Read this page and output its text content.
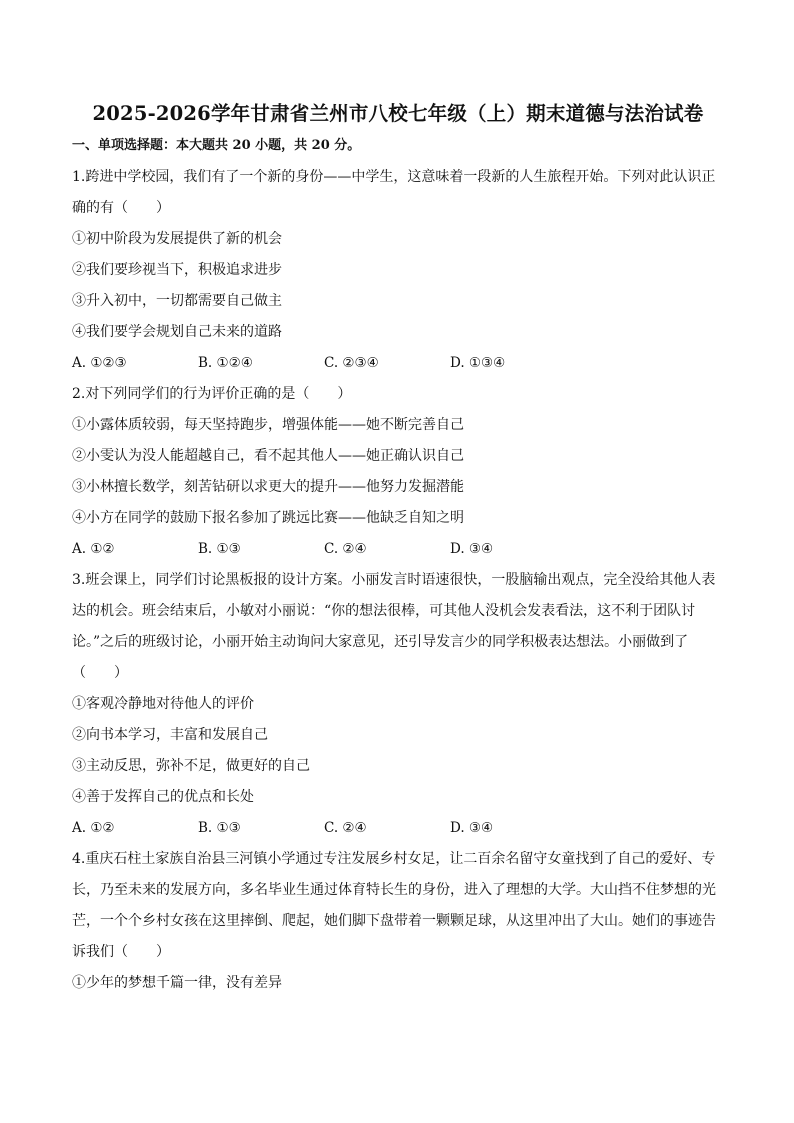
2025-2026学年甘肃省兰州市八校七年级（上）期末道德与法治试卷
一、单项选择题：本大题共 20 小题，共 20 分。

1.跨进中学校园，我们有了一个新的身份——中学生，这意味着一段新的人生旅程开始。下列对此认识正确的有（　　）

①初中阶段为发展提供了新的机会

②我们要珍视当下，积极追求进步

③升入初中，一切都需要自己做主

④我们要学会规划自己未来的道路

A. ①②③	B. ①②④	C. ②③④	D. ①③④

2.对下列同学们的行为评价正确的是（　　）

①小露体质较弱，每天坚持跑步，增强体能——她不断完善自己

②小雯认为没人能超越自己，看不起其他人——她正确认识自己

③小林擅长数学，刻苦钻研以求更大的提升——他努力发掘潜能

④小方在同学的鼓励下报名参加了跳远比赛——他缺乏自知之明

A. ①②	B. ①③	C. ②④	D. ③④

3.班会课上，同学们讨论黑板报的设计方案。小丽发言时语速很快，一股脑输出观点，完全没给其他人表达的机会。班会结束后，小敏对小丽说：“你的想法很棒，可其他人没机会发表看法，这不利于团队讨论。”之后的班级讨论，小丽开始主动询问大家意见，还引导发言少的同学积极表达想法。小丽做到了（　　）

①客观冷静地对待他人的评价

②向书本学习，丰富和发展自己

③主动反思，弥补不足，做更好的自己

④善于发挥自己的优点和长处

A. ①②	B. ①③	C. ②④	D. ③④

4.重庆石柱土家族自治县三河镇小学通过专注发展乡村女足，让二百余名留守女童找到了自己的爱好、专长，乃至未来的发展方向，多名毕业生通过体育特长生的身份，进入了理想的大学。大山挡不住梦想的光芒，一个个乡村女孩在这里摔倒、爬起，她们脚下盘带着一颗颗足球，从这里冲出了大山。她们的事迹告诉我们（　　）

①少年的梦想千篇一律，没有差异
